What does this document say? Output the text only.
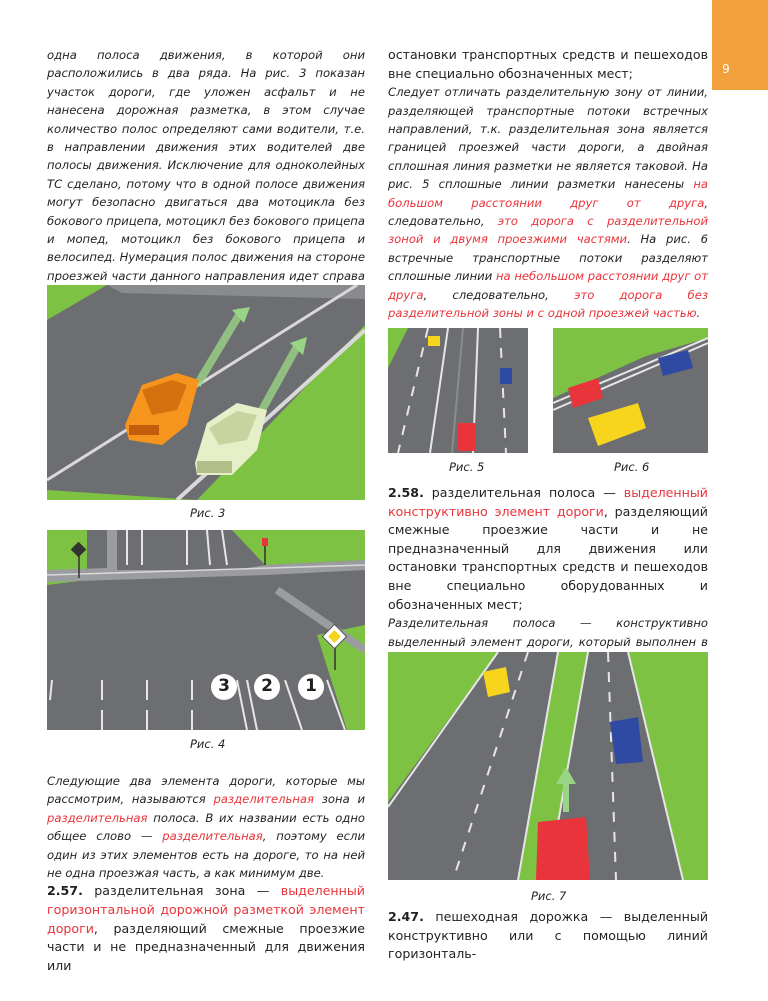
9

одна полоса движения, в которой они расположились в два ряда. На рис. 3 показан участок дороги, где уложен асфальт и не нанесена дорожная разметка, в этом случае количество полос определяют сами водители, т.е. в направлении движения этих водителей две полосы движения. Исключение для одноколейных ТС сделано, потому что в одной полосе движения могут безопасно двигаться два мотоцикла без бокового прицепа, мотоцикл без бокового прицепа и мопед, мотоцикл без бокового прицепа и велосипед. Нумерация полос движения на стороне проезжей части данного направления идет справа

Рис. 3
3	2	1
Рис. 4

Следующие два элемента дороги, которые мы рассмотрим, называются разделительная зона и разделительная полоса. В их названии есть одно общее слово — разделительная, поэтому если один из этих элементов есть на дороге, то на ней не одна проезжая часть, а как минимум две.

2.57. разделительная зона — выделенный горизонтальной дорожной разметкой элемент дороги, разделяющий смежные проезжие части и не предназначенный для движения или

остановки транспортных средств и пешеходов вне специально обозначенных мест;

Следует отличать разделительную зону от линии, разделяющей транспортные потоки встречных направлений, т.к. разделительная зона является границей проезжей части дороги, а двойная сплошная линия разметки не является таковой. На рис. 5 сплошные линии разметки нанесены на большом расстоянии друг от друга, следовательно, это дорога с разделительной зоной и двумя проезжими частями. На рис. 6 встречные транспортные потоки разделяют сплошные линии на небольшом расстоянии друг от друга, следовательно, это дорога без разделительной зоны и с одной проезжей частью.

Рис. 5	Рис. 6

2.58. разделительная полоса — выделенный конструктивно элемент дороги, разделяющий смежные проезжие части и не предназначенный для движения или остановки транспортных средств и пешеходов вне специально оборудованных и обозначенных мест;

Разделительная полоса — конструктивно выделенный элемент дороги, который выполнен в

Рис. 7

2.47. пешеходная дорожка — выделенный конструктивно или с помощью линий горизонталь-
